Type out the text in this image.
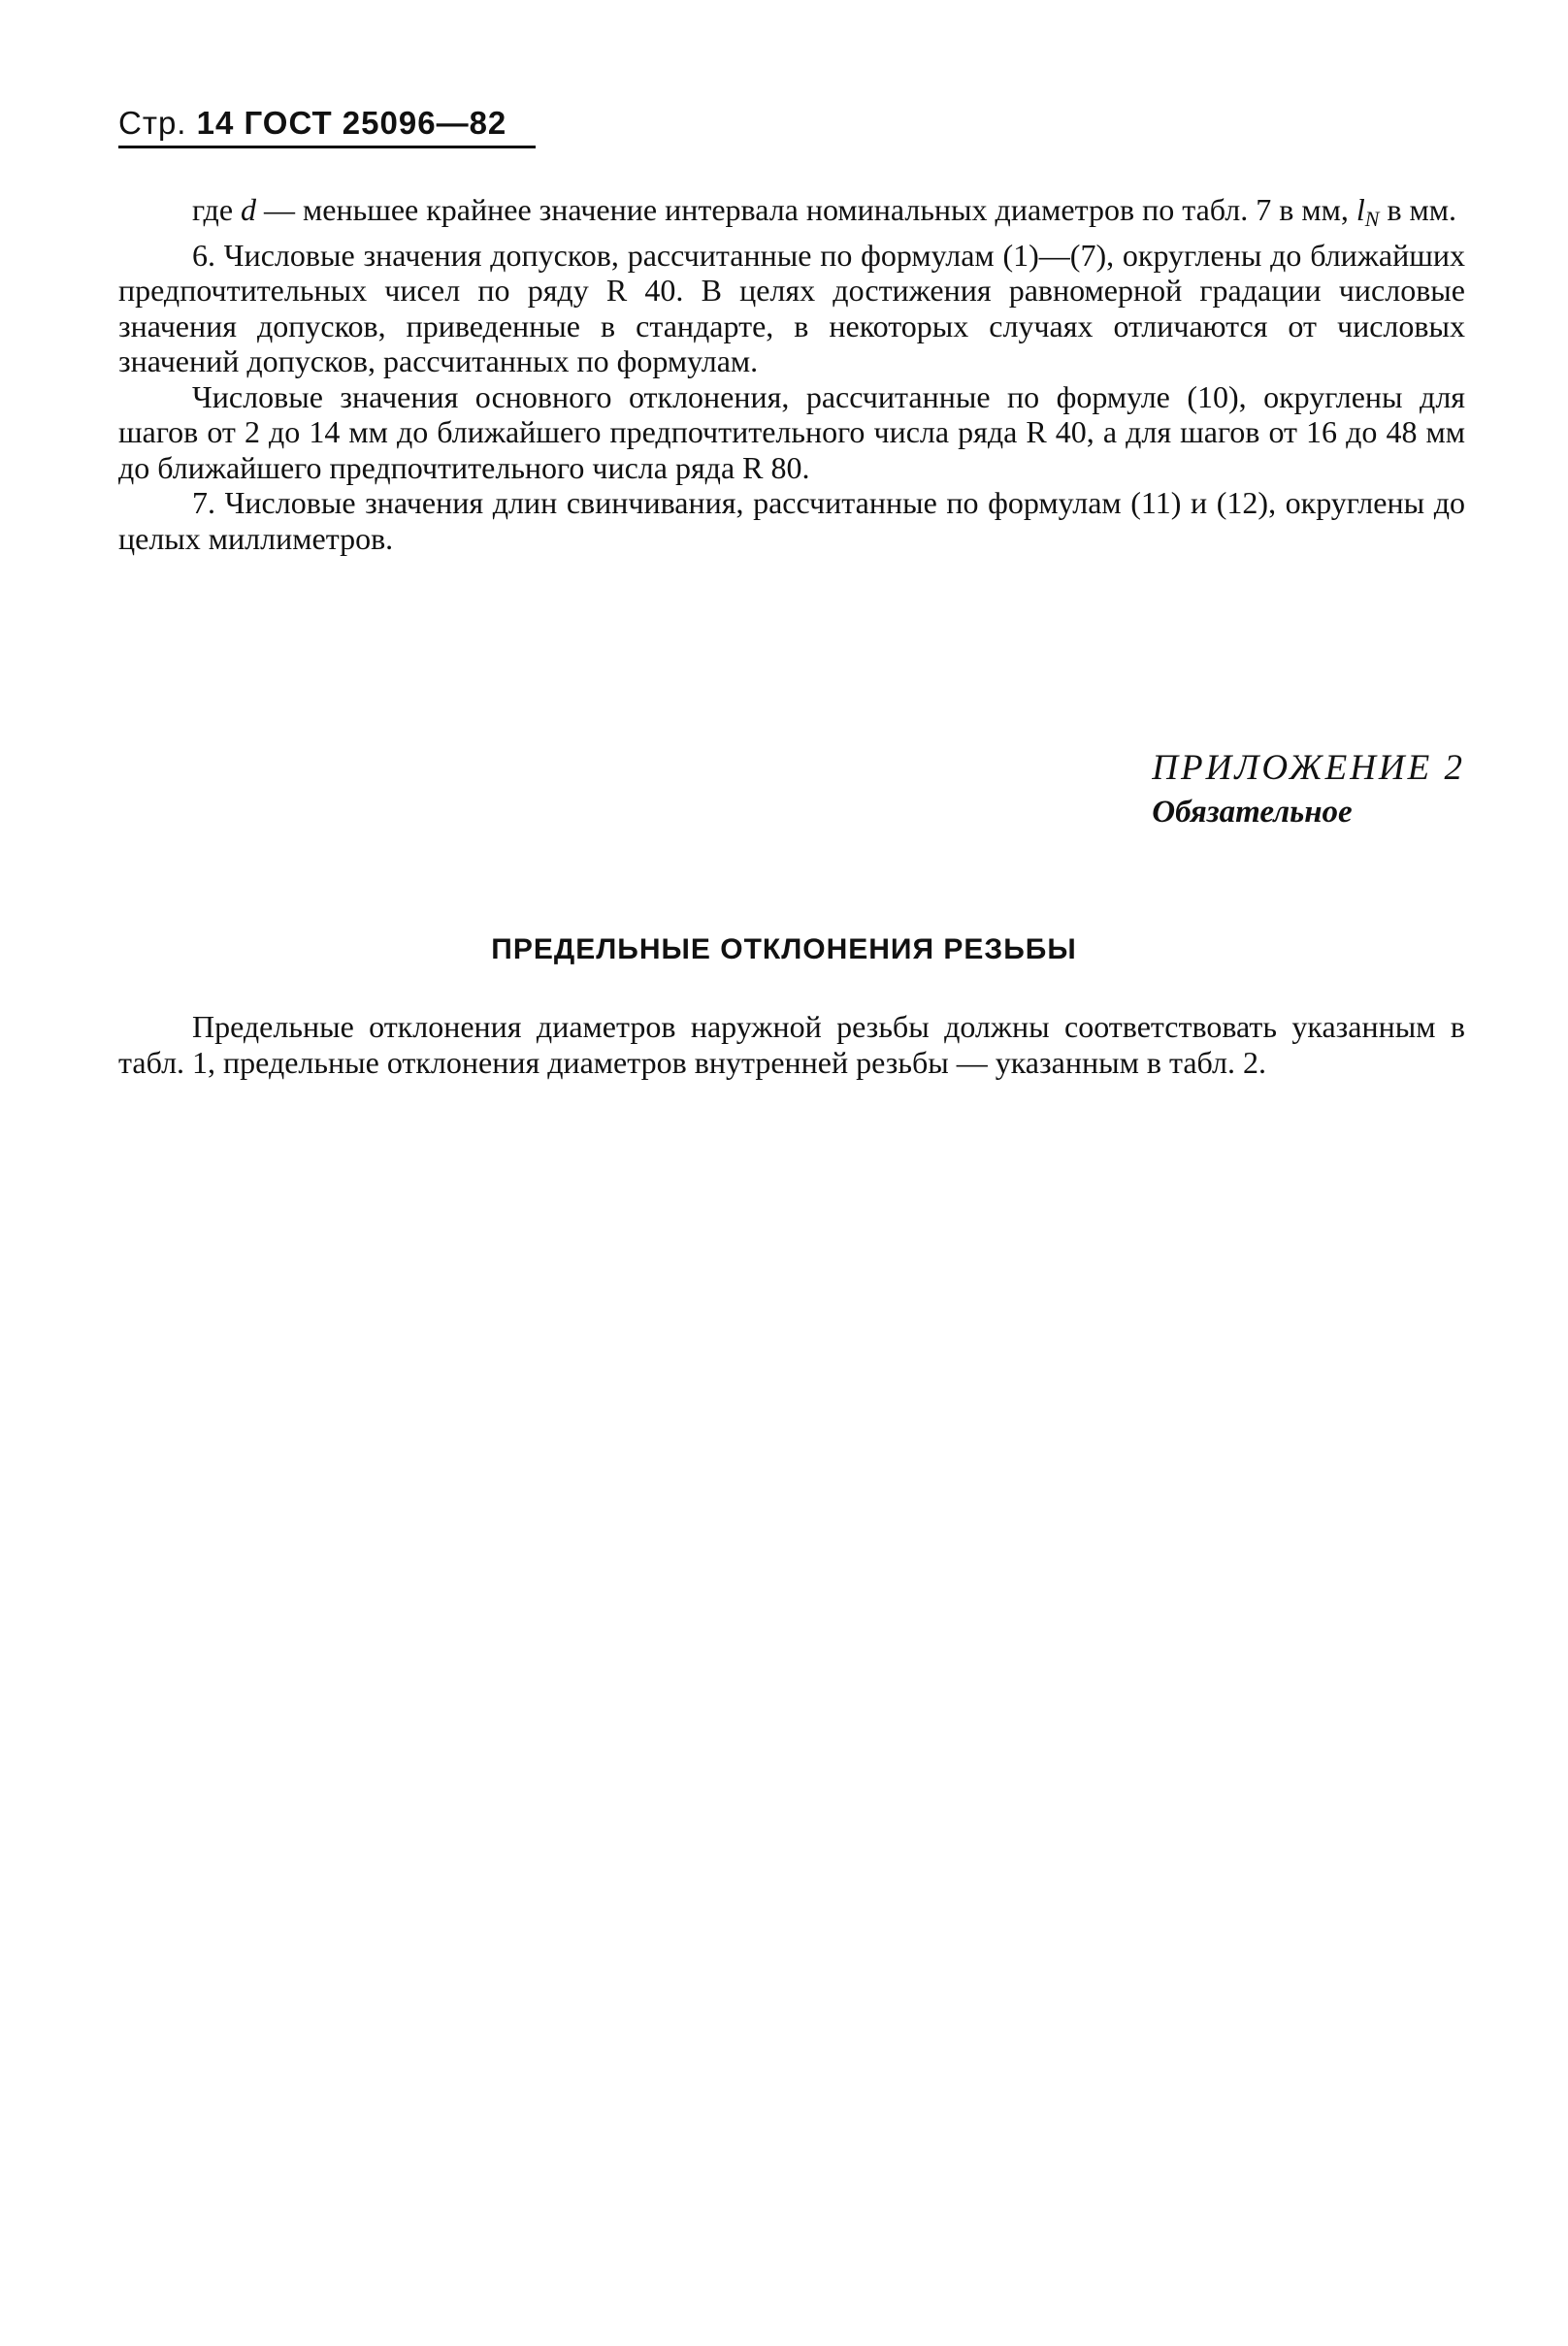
Стр. 14 ГОСТ 25096—82

где d — меньшее крайнее значение интервала номинальных диаметров по табл. 7 в мм, $l_N$ в мм.

6. Числовые значения допусков, рассчитанные по формулам (1)—(7), округлены до ближайших предпочтительных чисел по ряду R 40. В целях достижения равномерной градации числовые значения допусков, приведенные в стандарте, в некоторых случаях отличаются от числовых значений допусков, рассчитанных по формулам.

Числовые значения основного отклонения, рассчитанные по формуле (10), округлены для шагов от 2 до 14 мм до ближайшего предпочтительного числа ряда R 40, а для шагов от 16 до 48 мм до ближайшего предпочтительного числа ряда R 80.

7. Числовые значения длин свинчивания, рассчитанные по формулам (11) и (12), округлены до целых миллиметров.

ПРИЛОЖЕНИЕ 2
Обязательное
ПРЕДЕЛЬНЫЕ ОТКЛОНЕНИЯ РЕЗЬБЫ

Предельные отклонения диаметров наружной резьбы должны соответствовать указанным в табл. 1, предельные отклонения диаметров внутренней резьбы — указанным в табл. 2.
